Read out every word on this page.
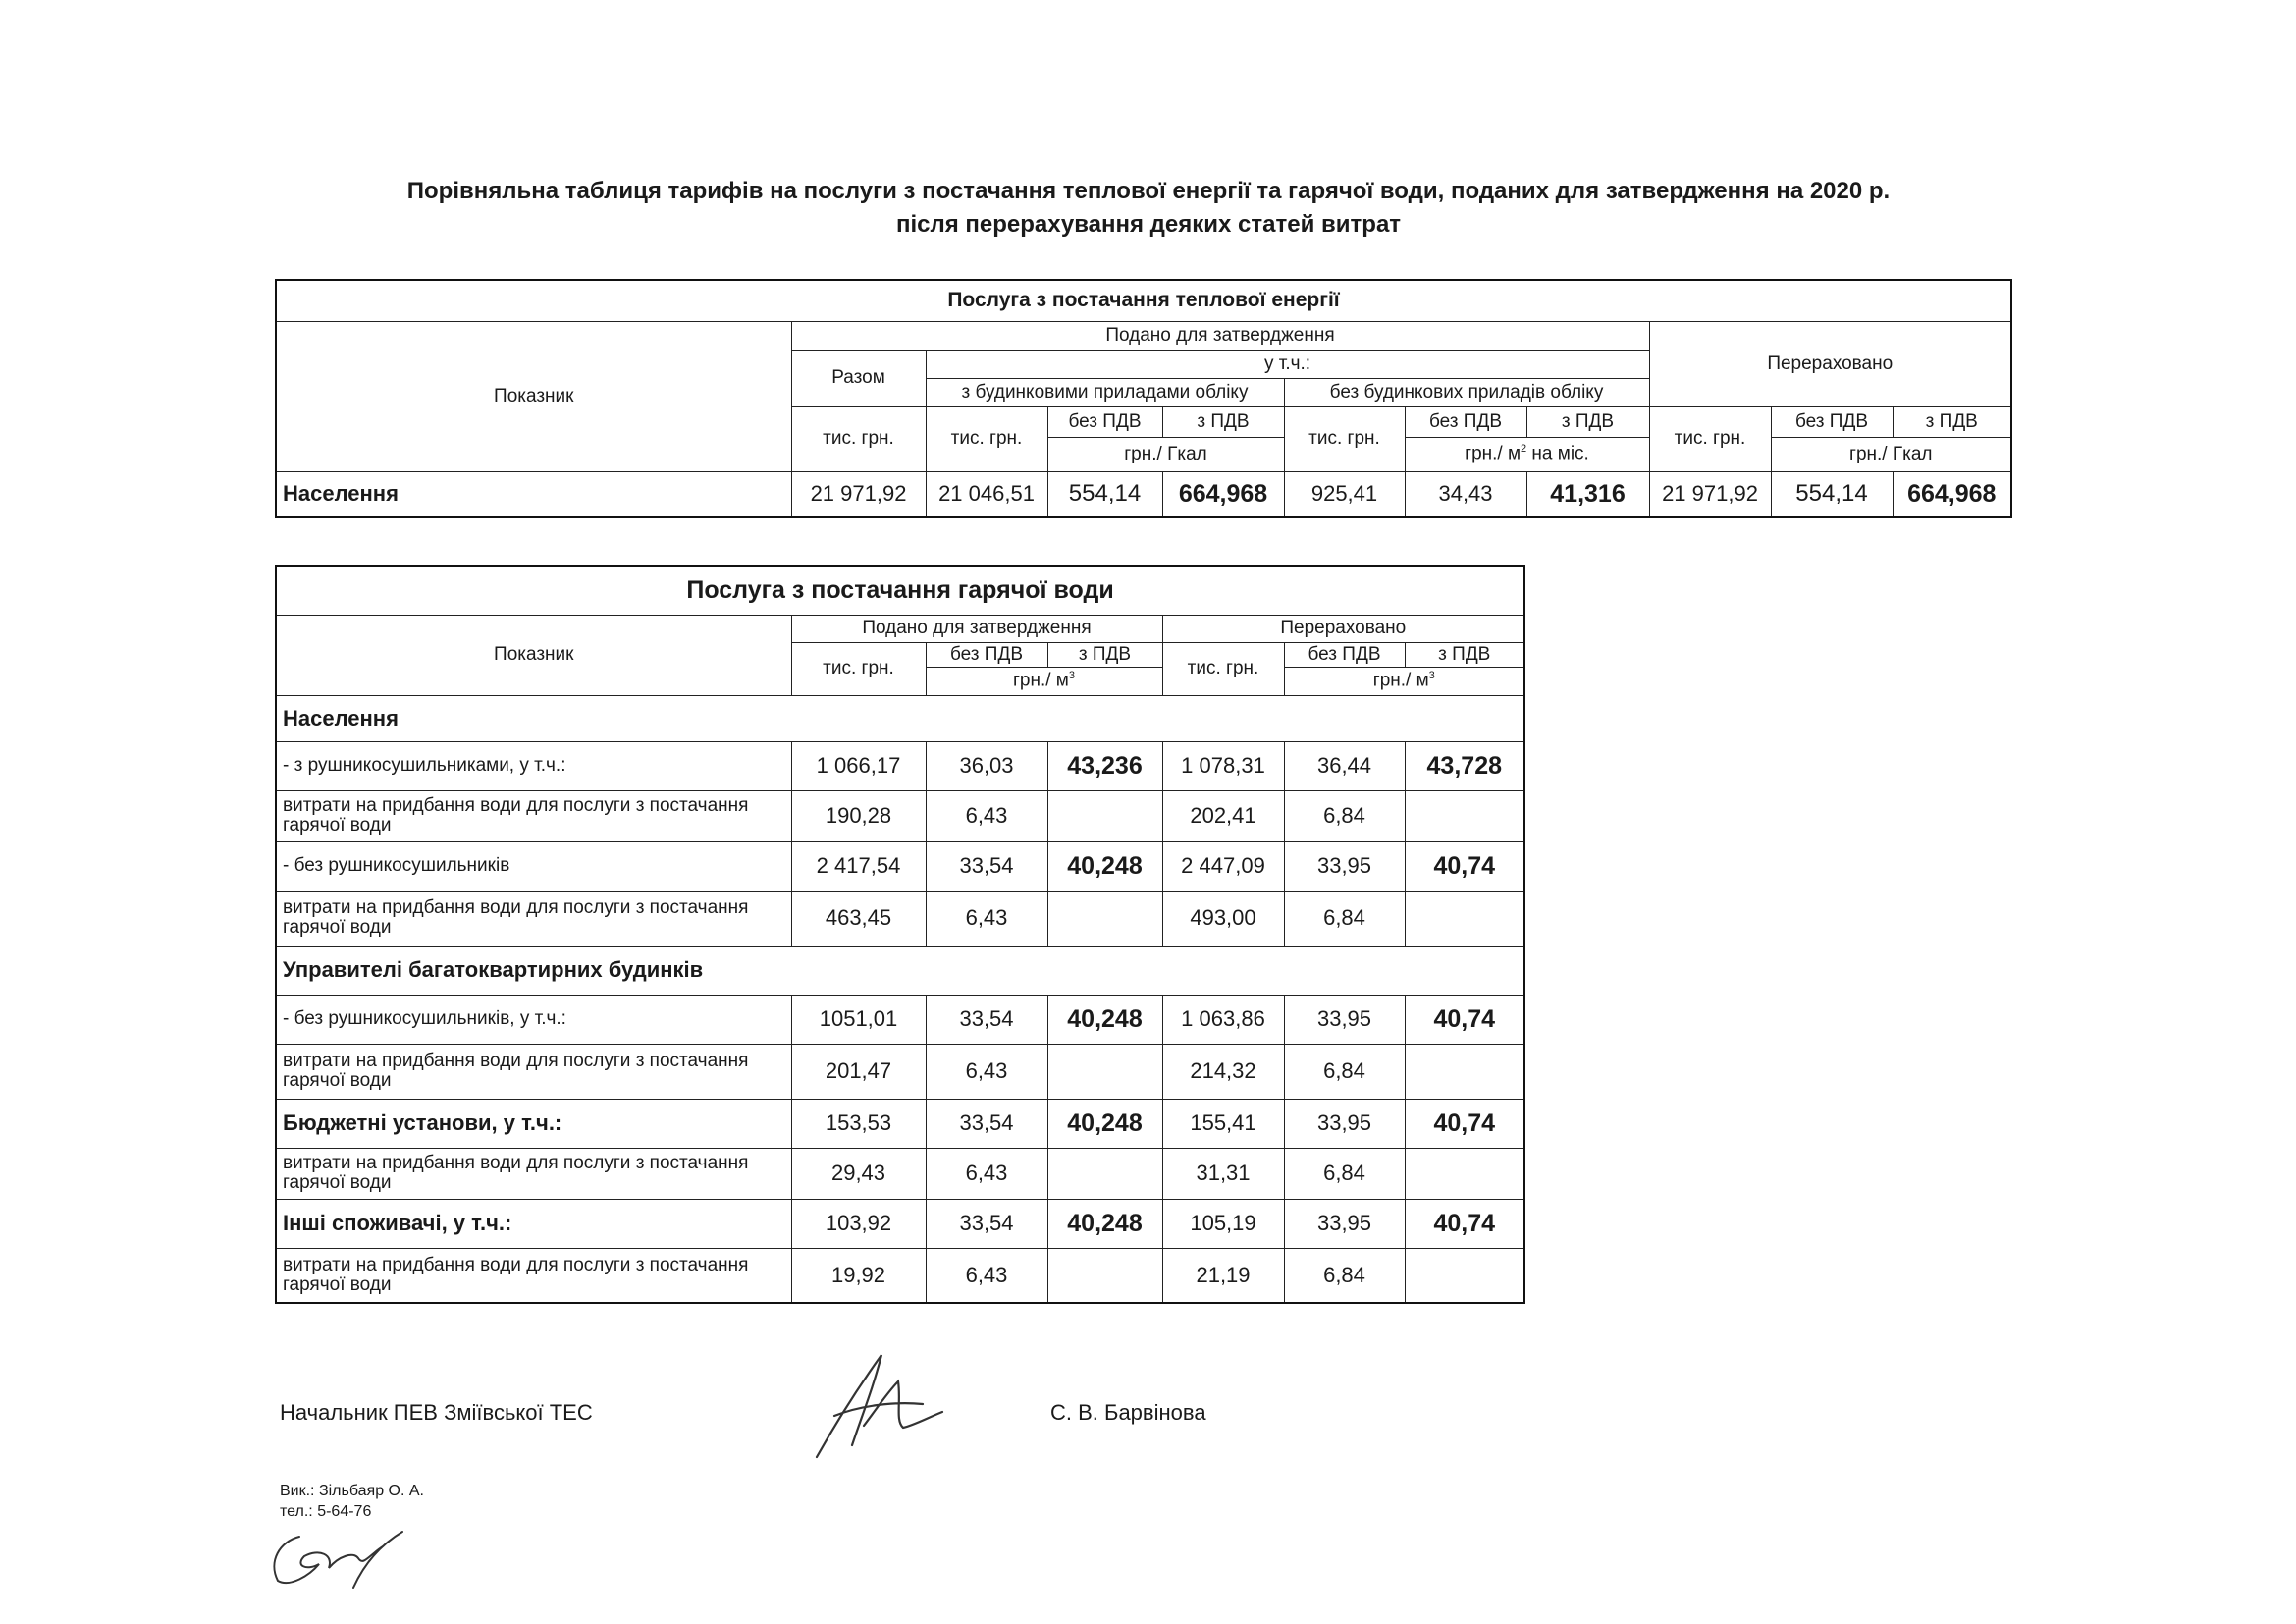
Порівняльна таблиця тарифів на послуги з постачання теплової енергії та гарячої води, поданих для затвердження на 2020 р.
після перерахування деяких статей витрат
Послуга з постачання теплової енергії										
Показник	Подано для затвердження							Перераховано		
	Разом	у т.ч.:								
		з будинковими приладами обліку			без будинкових приладів обліку					
	тис. грн.	тис. грн.	без ПДВ	з ПДВ	тис. грн.	без ПДВ	з ПДВ	тис. грн.	без ПДВ	з ПДВ
			грн./ Гкал			грн./ $м^2$ на міс.			грн./ Гкал	
Населення	21 971,92	21 046,51	554,14	664,968	925,41	34,43	41,316	21 971,92	554,14	664,968
Послуга з постачання гарячої води						
Показник	Подано для затвердження			Перераховано		
	тис. грн.	без ПДВ	з ПДВ	тис. грн.	без ПДВ	з ПДВ
		грн./ $м^3$			грн./ $м^3$
Населення						
- з рушникосушильниками, у т.ч.:	1 066,17	36,03	43,236	1 078,31	36,44	43,728
витрати на придбання води для послуги з постачання гарячої води	190,28	6,43		202,41	6,84	
- без рушникосушильників	2 417,54	33,54	40,248	2 447,09	33,95	40,74
витрати на придбання води для послуги з постачання гарячої води	463,45	6,43		493,00	6,84	
Управителі багатоквартирних будинків						
- без рушникосушильників, у т.ч.:	1051,01	33,54	40,248	1 063,86	33,95	40,74
витрати на придбання води для послуги з постачання гарячої води	201,47	6,43		214,32	6,84	
Бюджетні установи, у т.ч.:	153,53	33,54	40,248	155,41	33,95	40,74
витрати на придбання води для послуги з постачання гарячої води	29,43	6,43		31,31	6,84	
Інші споживачі, у т.ч.:	103,92	33,54	40,248	105,19	33,95	40,74
витрати на придбання води для послуги з постачання гарячої води	19,92	6,43		21,19	6,84	
Начальник ПЕВ Зміївської ТЕС	С. В. Барвінова
Вик.: Зільбаяр О. А.
тел.: 5-64-76
